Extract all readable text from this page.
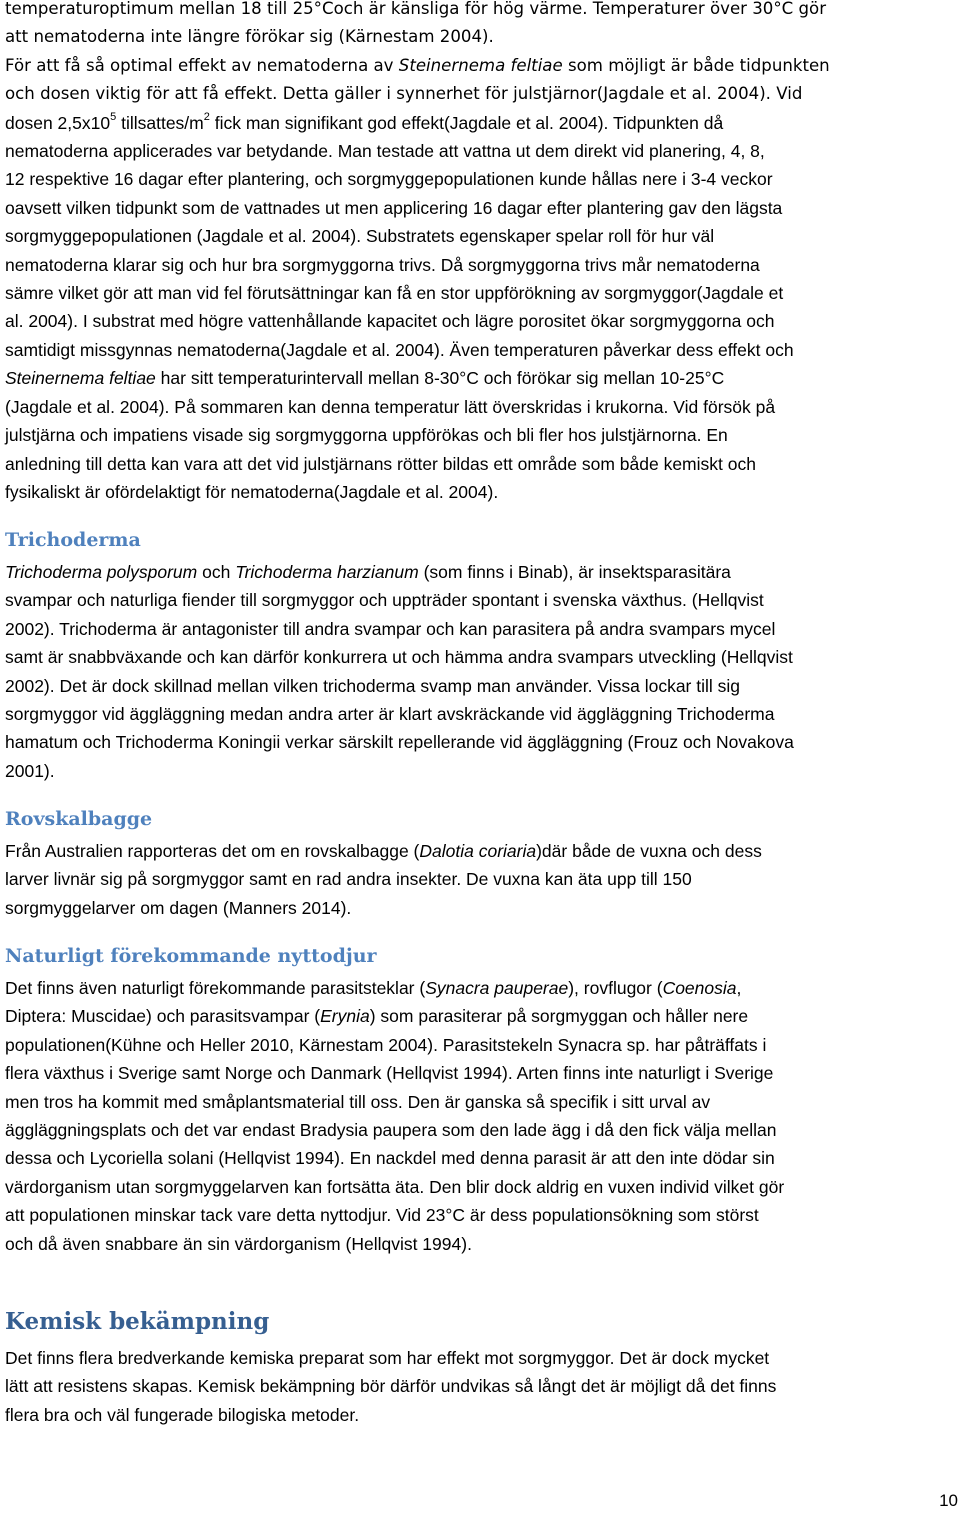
temperaturoptimum mellan 18 till 25°Coch är känsliga för hög värme. Temperaturer över 30°C gör
att nematoderna inte längre förökar sig (Kärnestam 2004).
För att få så optimal effekt av nematoderna av Steinernema feltiae som möjligt är både tidpunkten
och dosen viktig för att få effekt. Detta gäller i synnerhet för julstjärnor(Jagdale et al. 2004). Vid
dosen $2,5x10^5$ tillsattes/$m^2$ fick man signifikant god effekt(Jagdale et al. 2004). Tidpunkten då
nematoderna applicerades var betydande. Man testade att vattna ut dem direkt vid planering, 4, 8,
12 respektive 16 dagar efter plantering, och sorgmyggepopulationen kunde hållas nere i 3-4 veckor
oavsett vilken tidpunkt som de vattnades ut men applicering 16 dagar efter plantering gav den lägsta
sorgmyggepopulationen (Jagdale et al. 2004). Substratets egenskaper spelar roll för hur väl
nematoderna klarar sig och hur bra sorgmyggorna trivs. Då sorgmyggorna trivs mår nematoderna
sämre vilket gör att man vid fel förutsättningar kan få en stor uppförökning av sorgmyggor(Jagdale et
al. 2004). I substrat med högre vattenhållande kapacitet och lägre porositet ökar sorgmyggorna och
samtidigt missgynnas nematoderna(Jagdale et al. 2004). Även temperaturen påverkar dess effekt och
Steinernema feltiae har sitt temperaturintervall mellan 8-30°C och förökar sig mellan 10-25°C
(Jagdale et al. 2004). På sommaren kan denna temperatur lätt överskridas i krukorna. Vid försök på
julstjärna och impatiens visade sig sorgmyggorna uppförökas och bli fler hos julstjärnorna. En
anledning till detta kan vara att det vid julstjärnans rötter bildas ett område som både kemiskt och
fysikaliskt är ofördelaktigt för nematoderna(Jagdale et al. 2004).
Trichoderma
Trichoderma polysporum och Trichoderma harzianum (som finns i Binab), är insektsparasitära
svampar och naturliga fiender till sorgmyggor och uppträder spontant i svenska växthus. (Hellqvist
2002). Trichoderma är antagonister till andra svampar och kan parasitera på andra svampars mycel
samt är snabbväxande och kan därför konkurrera ut och hämma andra svampars utveckling (Hellqvist
2002). Det är dock skillnad mellan vilken trichoderma svamp man använder. Vissa lockar till sig
sorgmyggor vid äggläggning medan andra arter är klart avskräckande vid äggläggning Trichoderma
hamatum och Trichoderma Koningii verkar särskilt repellerande vid äggläggning (Frouz och Novakova
2001).
Rovskalbagge
Från Australien rapporteras det om en rovskalbagge (Dalotia coriaria)där både de vuxna och dess
larver livnär sig på sorgmyggor samt en rad andra insekter. De vuxna kan äta upp till 150
sorgmyggelarver om dagen (Manners 2014).
Naturligt förekommande nyttodjur
Det finns även naturligt förekommande parasitsteklar (Synacra pauperae), rovflugor (Coenosia,
Diptera: Muscidae) och parasitsvampar (Erynia) som parasiterar på sorgmyggan och håller nere
populationen(Kühne och Heller 2010, Kärnestam 2004). Parasitstekeln Synacra sp. har påträffats i
flera växthus i Sverige samt Norge och Danmark (Hellqvist 1994). Arten finns inte naturligt i Sverige
men tros ha kommit med småplantsmaterial till oss. Den är ganska så specifik i sitt urval av
äggläggningsplats och det var endast Bradysia paupera som den lade ägg i då den fick välja mellan
dessa och Lycoriella solani (Hellqvist 1994). En nackdel med denna parasit är att den inte dödar sin
värdorganism utan sorgmyggelarven kan fortsätta äta. Den blir dock aldrig en vuxen individ vilket gör
att populationen minskar tack vare detta nyttodjur. Vid 23°C är dess populationsökning som störst
och då även snabbare än sin värdorganism (Hellqvist 1994).
Kemisk bekämpning
Det finns flera bredverkande kemiska preparat som har effekt mot sorgmyggor. Det är dock mycket
lätt att resistens skapas. Kemisk bekämpning bör därför undvikas så långt det är möjligt då det finns
flera bra och väl fungerade bilogiska metoder.
10
